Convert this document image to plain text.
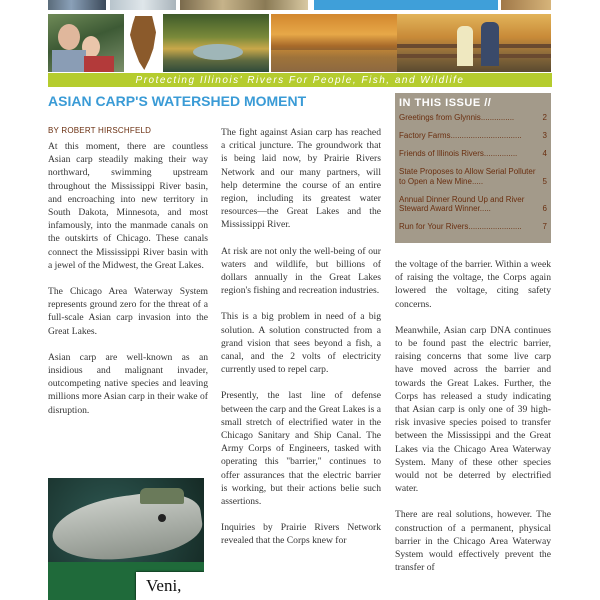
Protecting Illinois' Rivers For People, Fish, and Wildlife
ASIAN CARP'S WATERSHED MOMENT
BY ROBERT HIRSCHFELD

At this moment, there are countless Asian carp steadily making their way northward, swimming upstream throughout the Mississippi River basin, and encroaching into new territory in South Dakota, Minnesota, and most infamously, into the manmade canals on the outskirts of Chicago. These canals connect the Mississippi River basin with a jewel of the Midwest, the Great Lakes.

The Chicago Area Waterway System represents ground zero for the threat of a full-scale Asian carp invasion into the Great Lakes.

Asian carp are well-known as an insidious and malignant invader, outcompeting native species and leaving millions more Asian carp in their wake of disruption.

The fight against Asian carp has reached a critical juncture. The groundwork that is being laid now, by Prairie Rivers Network and our many partners, will help determine the course of an entire region, including its greatest water resources—the Great Lakes and the Mississippi River.

At risk are not only the well-being of our waters and wildlife, but billions of dollars annually in the Great Lakes region's fishing and recreation industries.

This is a big problem in need of a big solution. A solution constructed from a grand vision that sees beyond a fish, a canal, and the 2 volts of electricity currently used to repel carp.

Presently, the last line of defense between the carp and the Great Lakes is a small stretch of electrified water in the Chicago Sanitary and Ship Canal. The Army Corps of Engineers, tasked with operating this "barrier," continues to offer assurances that the electric barrier is working, but their actions belie such assertions.

Inquiries by Prairie Rivers Network revealed that the Corps knew for

IN THIS ISSUE //
Greetings from Glynnis...............	2
Factory Farms................................	3
Friends of Illinois Rivers...............	4
State Proposes to Allow Serial Polluter to Open a New Mine.....	5
Annual Dinner Round Up and River Steward Award Winner.....	6
Run for Your Rivers........................	7

the voltage of the barrier. Within a week of raising the voltage, the Corps again lowered the voltage, citing safety concerns.

Meanwhile, Asian carp DNA continues to be found past the electric barrier, raising concerns that some live carp have moved across the barrier and towards the Great Lakes. Further, the Corps has released a study indicating that Asian carp is only one of 39 high-risk invasive species poised to transfer between the Mississippi and the Great Lakes via the Chicago Area Waterway System. Many of these other species would not be deterred by electrified water.

There are real solutions, however. The construction of a permanent, physical barrier in the Chicago Area Waterway System would effectively prevent the transfer of

Veni,
